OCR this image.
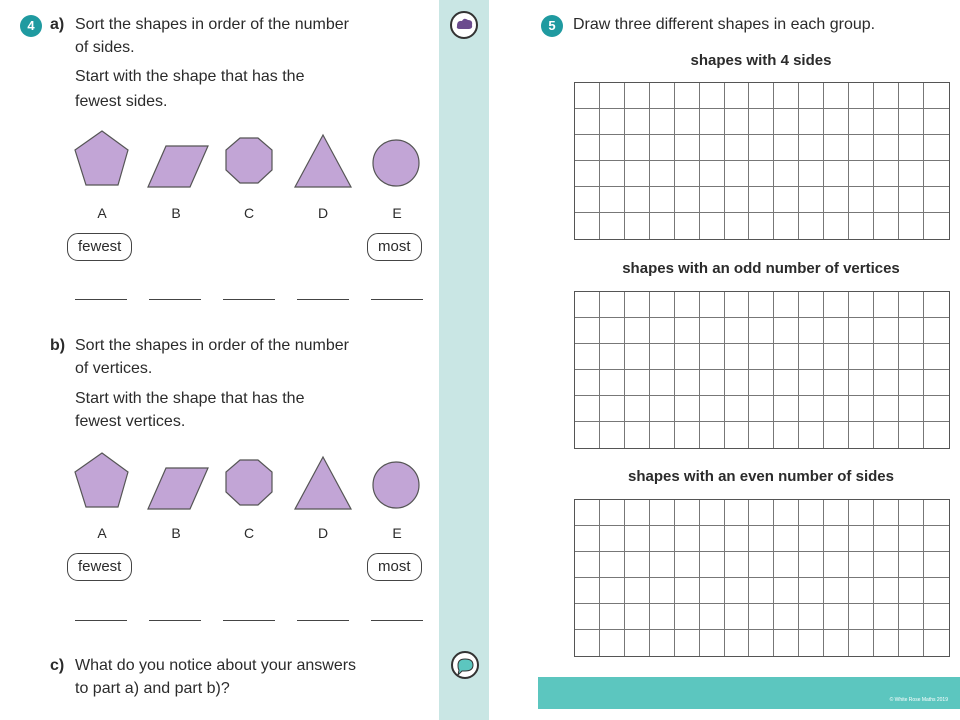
4 a) Sort the shapes in order of the number
of sides.
Start with the shape that has the
fewest sides.
A	B	C	D	E
fewest	most
b) Sort the shapes in order of the number
of vertices.
Start with the shape that has the
fewest vertices.
A	B	C	D	E
fewest	most
c) What do you notice about your answers
to part a) and part b)?
5	Draw three different shapes in each group.
shapes with 4 sides
shapes with an odd number of vertices
shapes with an even number of sides
© White Rose Maths 2019
